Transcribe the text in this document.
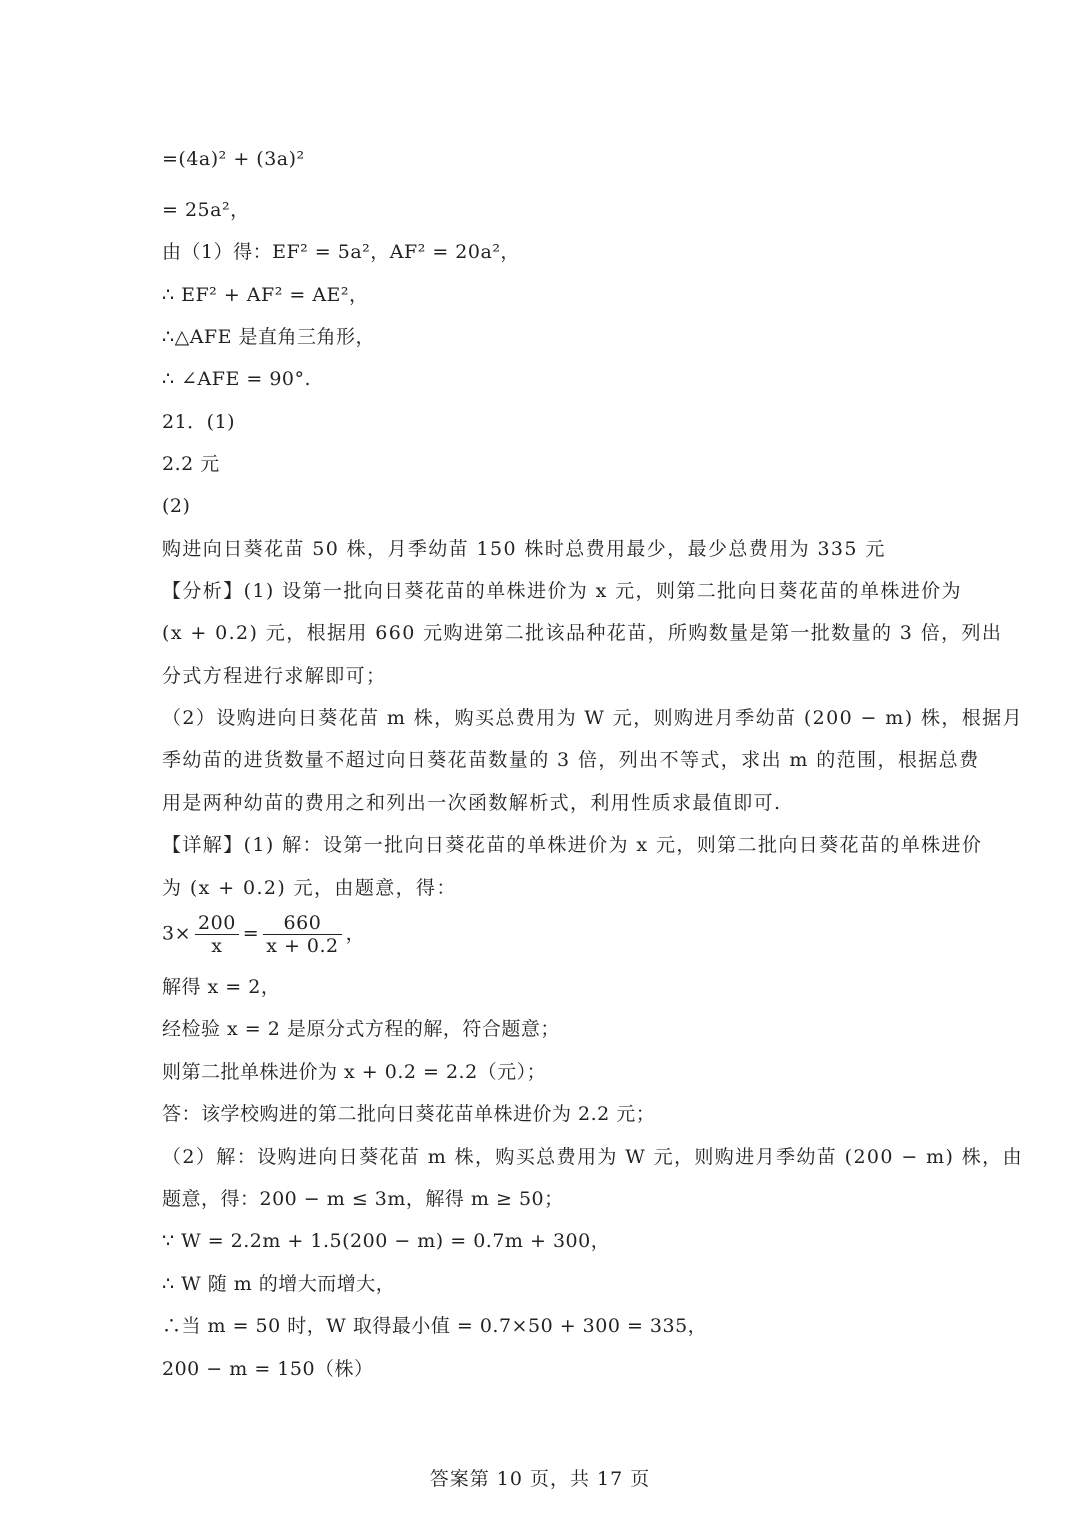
=(4a)² + (3a)²
= 25a²，
由（1）得：EF² = 5a²，AF² = 20a²，
∴ EF² + AF² = AE²，
∴△AFE 是直角三角形，
∴ ∠AFE = 90°.
21．(1)
2.2 元
(2)
购进向日葵花苗 50 株，月季幼苗 150 株时总费用最少，最少总费用为 335 元
【分析】(1) 设第一批向日葵花苗的单株进价为 x 元，则第二批向日葵花苗的单株进价为
(x + 0.2) 元，根据用 660 元购进第二批该品种花苗，所购数量是第一批数量的 3 倍，列出
分式方程进行求解即可；
（2）设购进向日葵花苗 m 株，购买总费用为 W 元，则购进月季幼苗 (200 − m) 株，根据月
季幼苗的进货数量不超过向日葵花苗数量的 3 倍，列出不等式，求出 m 的范围，根据总费
用是两种幼苗的费用之和列出一次函数解析式，利用性质求最值即可.
【详解】(1) 解：设第一批向日葵花苗的单株进价为 x 元，则第二批向日葵花苗的单株进价
为 (x + 0.2) 元，由题意，得：
$3\times \frac{200}{x} = \frac{660}{x + 0.2}$ ，
解得 x = 2，
经检验 x = 2 是原分式方程的解，符合题意；
则第二批单株进价为 x + 0.2 = 2.2（元）；
答：该学校购进的第二批向日葵花苗单株进价为 2.2 元；
（2）解：设购进向日葵花苗 m 株，购买总费用为 W 元，则购进月季幼苗 (200 − m) 株，由
题意，得：200 − m ≤ 3m，解得 m ≥ 50；
∵ W = 2.2m + 1.5(200 − m) = 0.7m + 300，
∴ W 随 m 的增大而增大，
∴当 m = 50 时，W 取得最小值 = 0.7×50 + 300 = 335，
200 − m = 150（株）
答案第 10 页，共 17 页
